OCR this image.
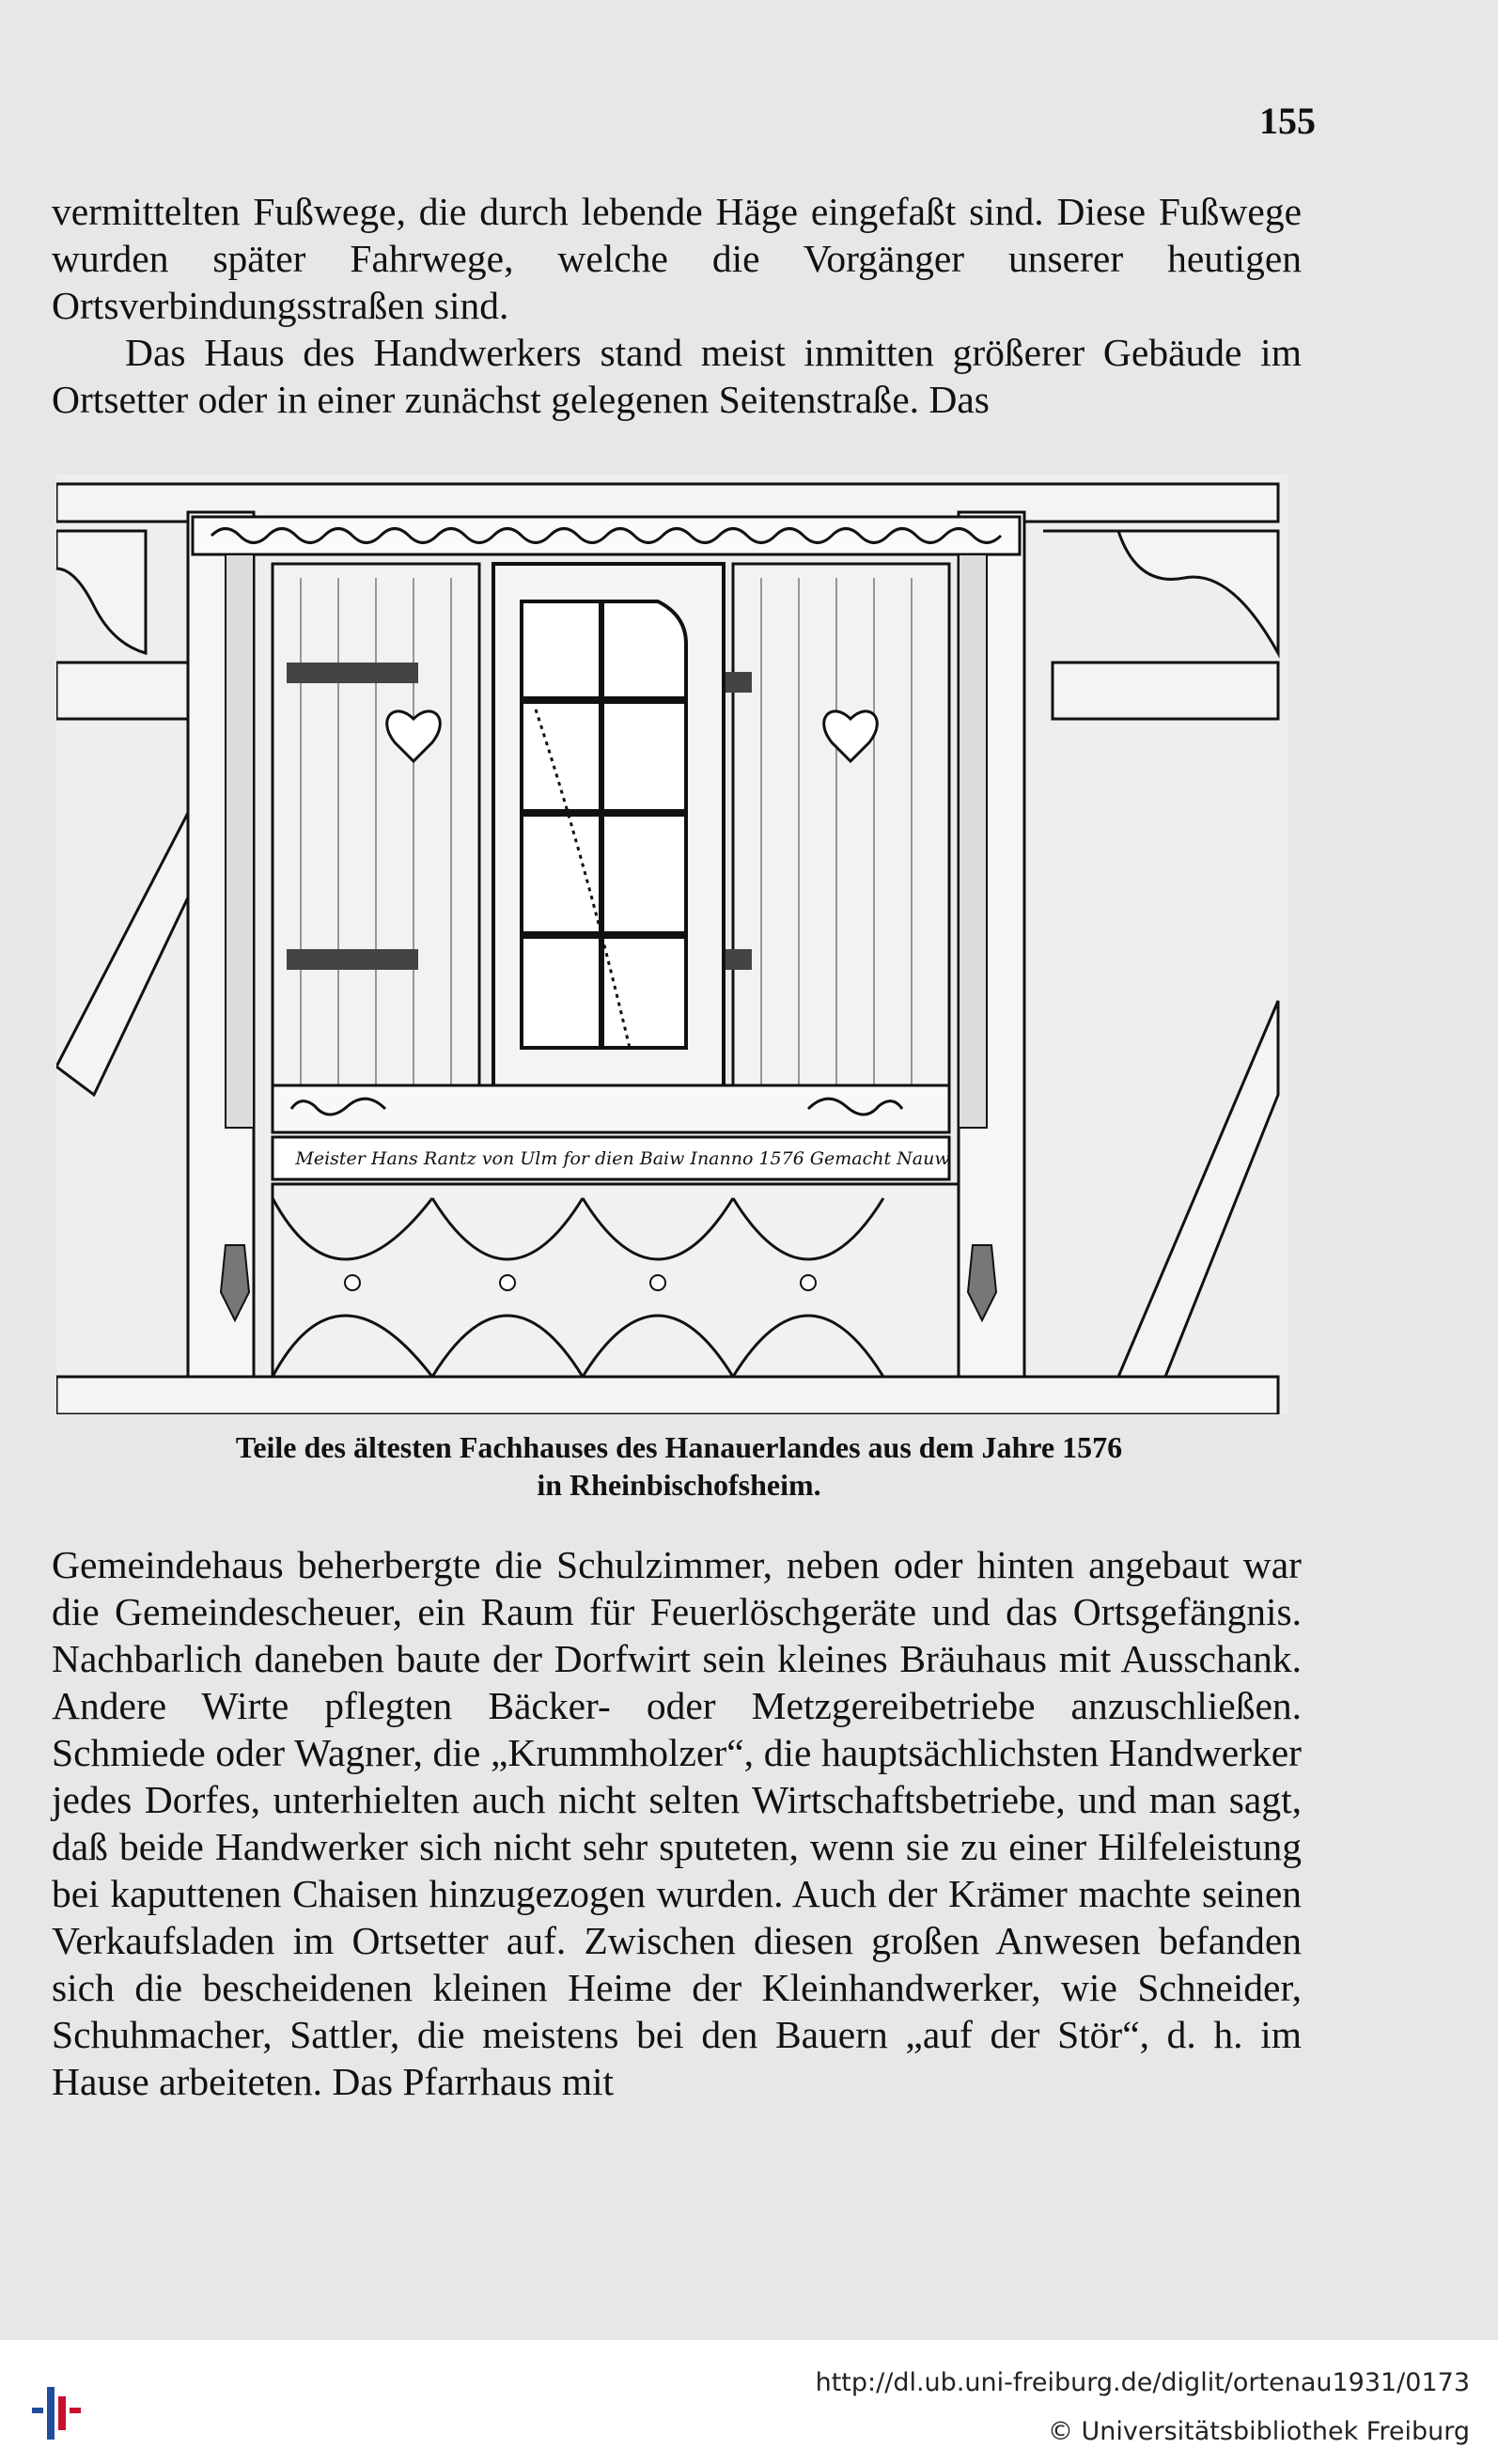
155
vermittelten Fußwege, die durch lebende Häge eingefaßt sind. Diese Fußwege wurden später Fahrwege, welche die Vorgänger unserer heutigen Ortsverbindungsstraßen sind.
Das Haus des Handwerkers stand meist inmitten größerer Gebäude im Ortsetter oder in einer zunächst gelegenen Seitenstraße. Das
Meister Hans Rantz von Ulm for dien Baiw Inanno 1576 Gemacht Nauw
Teile des ältesten Fachhauses des Hanauerlandes aus dem Jahre 1576
in Rheinbischofsheim.
Gemeindehaus beherbergte die Schulzimmer, neben oder hinten angebaut war die Gemeindescheuer, ein Raum für Feuerlöschgeräte und das Ortsgefängnis. Nachbarlich daneben baute der Dorfwirt sein kleines Bräuhaus mit Ausschank. Andere Wirte pflegten Bäcker- oder Metzgereibetriebe anzuschließen. Schmiede oder Wagner, die „Krummholzer“, die hauptsächlichsten Handwerker jedes Dorfes, unterhielten auch nicht selten Wirtschaftsbetriebe, und man sagt, daß beide Handwerker sich nicht sehr sputeten, wenn sie zu einer Hilfeleistung bei kaputtenen Chaisen hinzugezogen wurden. Auch der Krämer machte seinen Verkaufsladen im Ortsetter auf. Zwischen diesen großen Anwesen befanden sich die bescheidenen kleinen Heime der Kleinhandwerker, wie Schneider, Schuhmacher, Sattler, die meistens bei den Bauern „auf der Stör“, d. h. im Hause arbeiteten. Das Pfarrhaus mit
http://dl.ub.uni-freiburg.de/diglit/ortenau1931/0173
© Universitätsbibliothek Freiburg
